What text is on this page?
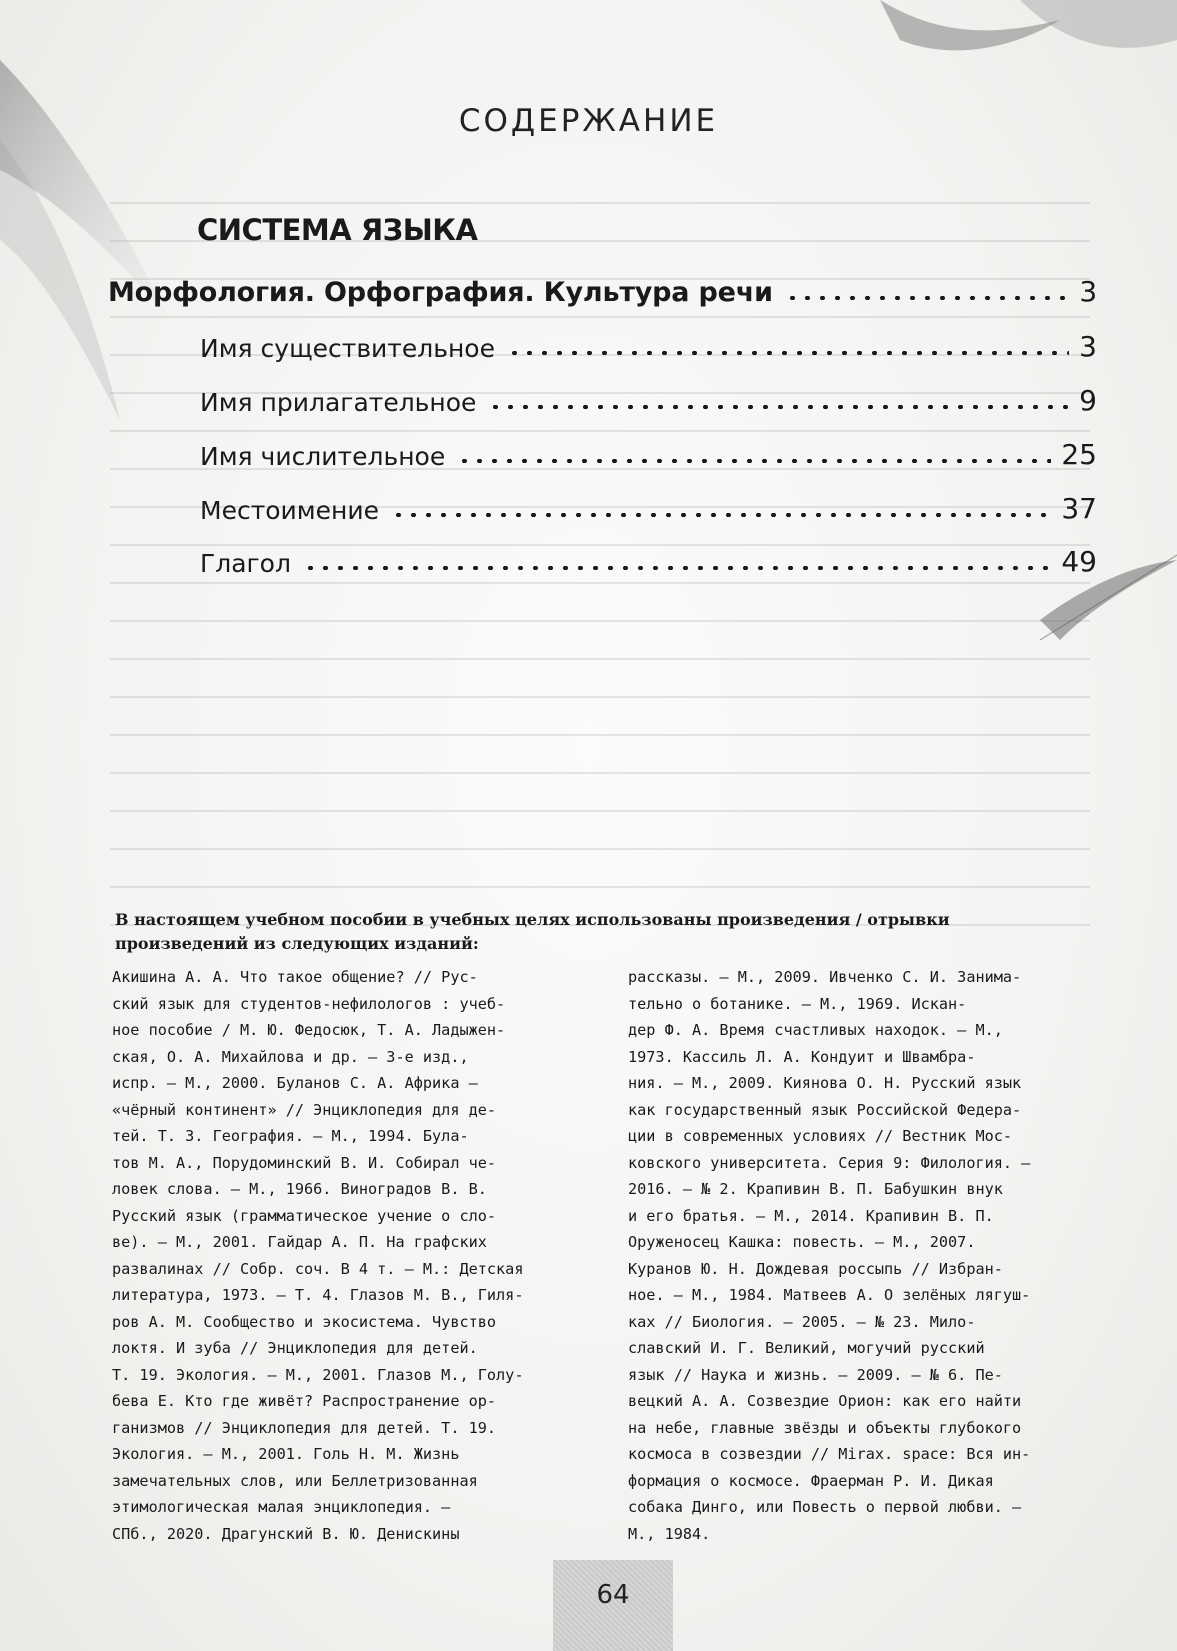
СОДЕРЖАНИЕ
СИСТЕМА ЯЗЫКА
Морфология. Орфография. Культура речи	3
Имя существительное	3
Имя прилагательное	9
Имя числительное	25
Местоимение	37
Глагол	49
В настоящем учебном пособии в учебных целях использованы произведения / отрывки произведений из следующих изданий:
Акишина А. А. Что такое общение? // Рус-
ский язык для студентов-нефилологов : учеб-
ное пособие / М. Ю. Федосюк, Т. А. Ладыжен-
ская, О. А. Михайлова и др. — 3-е изд.,
испр. — М., 2000. Буланов С. А. Африка —
«чёрный континент» // Энциклопедия для де-
тей. Т. 3. География. — М., 1994. Була-
тов М. А., Порудоминский В. И. Собирал че-
ловек слова. — М., 1966. Виноградов В. В.
Русский язык (грамматическое учение о сло-
ве). — М., 2001. Гайдар А. П. На графских
развалинах // Собр. соч. В 4 т. — М.: Детская
литература, 1973. — Т. 4. Глазов М. В., Гиля-
ров А. М. Сообщество и экосистема. Чувство
локтя. И зуба // Энциклопедия для детей.
Т. 19. Экология. — М., 2001. Глазов М., Голу-
бева Е. Кто где живёт? Распространение ор-
ганизмов // Энциклопедия для детей. Т. 19.
Экология. — М., 2001. Голь Н. М. Жизнь
замечательных слов, или Беллетризованная
этимологическая малая энциклопедия. —
СПб., 2020. Драгунский В. Ю. Денискины
рассказы. — М., 2009. Ивченко С. И. Занима-
тельно о ботанике. — М., 1969. Искан-
дер Ф. А. Время счастливых находок. — М.,
1973. Кассиль Л. А. Кондуит и Швамбра-
ния. — М., 2009. Киянова О. Н. Русский язык
как государственный язык Российской Федера-
ции в современных условиях // Вестник Мос-
ковского университета. Серия 9: Филология. —
2016. — № 2. Крапивин В. П. Бабушкин внук
и его братья. — М., 2014. Крапивин В. П.
Оруженосец Кашка: повесть. — М., 2007.
Куранов Ю. Н. Дождевая россыпь // Избран-
ное. — М., 1984. Матвеев А. О зелёных лягуш-
ках // Биология. — 2005. — № 23. Мило-
славский И. Г. Великий, могучий русский
язык // Наука и жизнь. — 2009. — № 6. Пе-
вецкий А. А. Созвездие Орион: как его найти
на небе, главные звёзды и объекты глубокого
космоса в созвездии // Mirax. space: Вся ин-
формация о космосе. Фраерман Р. И. Дикая
собака Динго, или Повесть о первой любви. —
М., 1984.
64
